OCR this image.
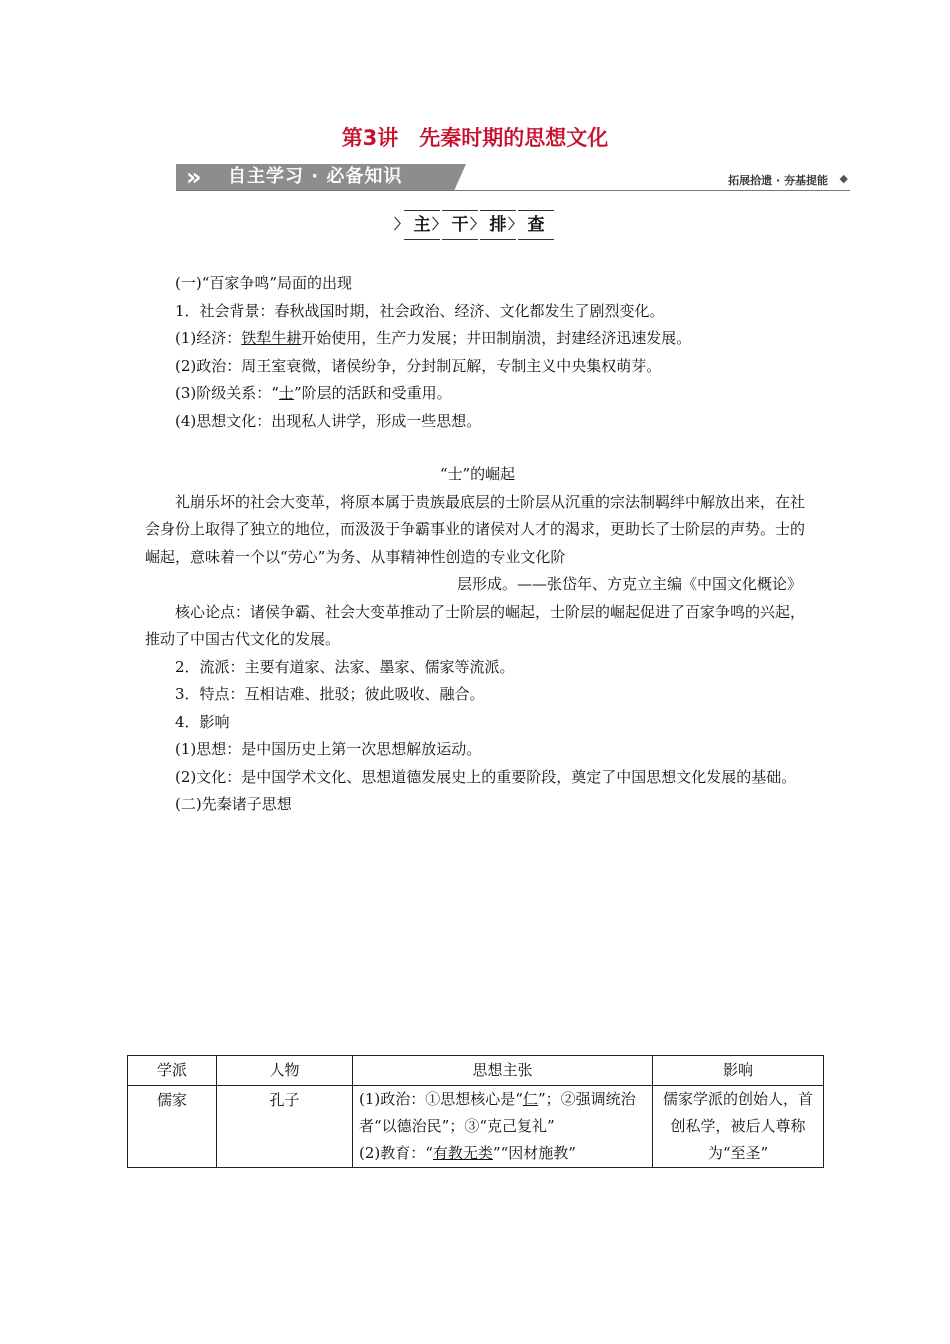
第3讲　先秦时期的思想文化
» 自主学习 · 必备知识	拓展拾遗 · 夯基提能 ◆
〉 主	〉 干	〉 排	〉 查

(一)“百家争鸣”局面的出现

1．社会背景：春秋战国时期，社会政治、经济、文化都发生了剧烈变化。

(1)经济：铁犁牛耕开始使用，生产力发展；井田制崩溃，封建经济迅速发展。

(2)政治：周王室衰微，诸侯纷争，分封制瓦解，专制主义中央集权萌芽。

(3)阶级关系：“士”阶层的活跃和受重用。

(4)思想文化：出现私人讲学，形成一些思想。

“士”的崛起

礼崩乐坏的社会大变革，将原本属于贵族最底层的士阶层从沉重的宗法制羁绊中解放出来，在社会身份上取得了独立的地位，而汲汲于争霸事业的诸侯对人才的渴求，更助长了士阶层的声势。士的崛起，意味着一个以“劳心”为务、从事精神性创造的专业文化阶

层形成。——张岱年、方克立主编《中国文化概论》

核心论点：诸侯争霸、社会大变革推动了士阶层的崛起，士阶层的崛起促进了百家争鸣的兴起，推动了中国古代文化的发展。

2．流派：主要有道家、法家、墨家、儒家等流派。

3．特点：互相诘难、批驳；彼此吸收、融合。

4．影响

(1)思想：是中国历史上第一次思想解放运动。

(2)文化：是中国学术文化、思想道德发展史上的重要阶段，奠定了中国思想文化发展的基础。

(二)先秦诸子思想

学派	人物	思想主张	影响
儒家	孔子	(1)政治：①思想核心是“仁”；②强调统治者“以德治民”；③“克己复礼”
(2)教育：“有教无类”“因材施教”	儒家学派的创始人，首创私学，被后人尊称为“至圣”
